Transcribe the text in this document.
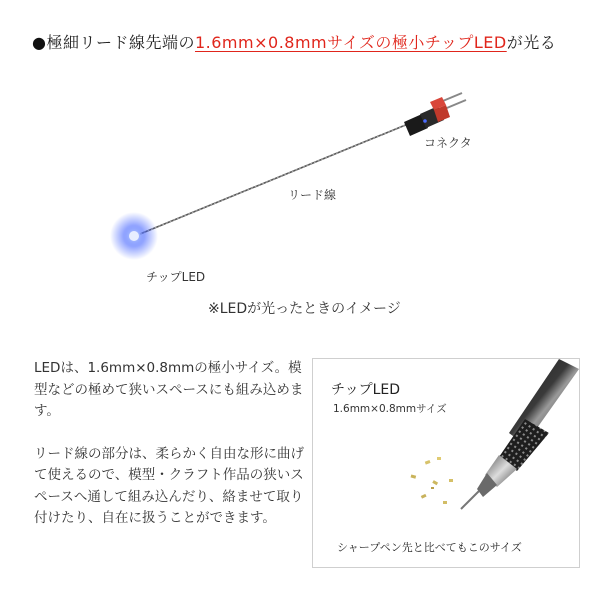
●極細リード線先端の1.6mm×0.8mmサイズの極小チップLEDが光る
コネクタ
リード線
チップLED
※LEDが光ったときのイメージ

LEDは、1.6mm×0.8mmの極小サイズ。模型などの極めて狭いスペースにも組み込めます。

リード線の部分は、柔らかく自由な形に曲げて使えるので、模型・クラフト作品の狭いスペースへ通して組み込んだり、絡ませて取り付けたり、自在に扱うことができます。

チップLED
1.6mm×0.8mmサイズ
シャープペン先と比べてもこのサイズ
